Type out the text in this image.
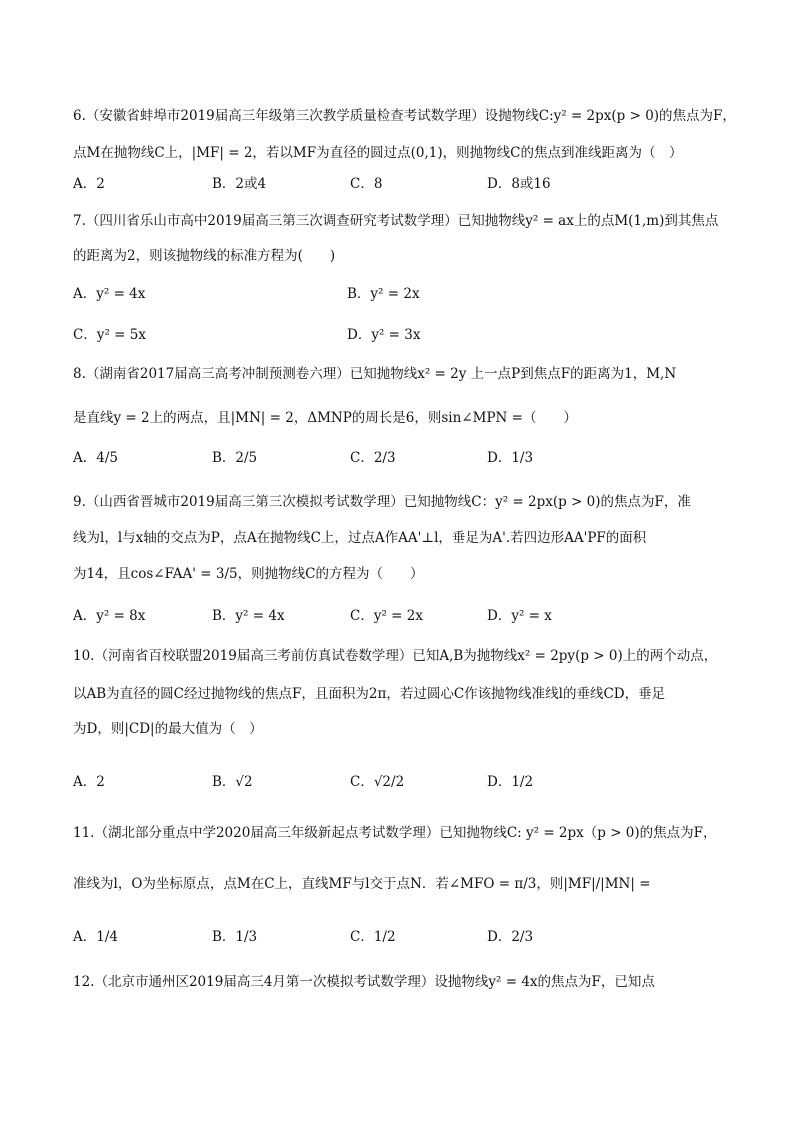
6.（安徽省蚌埠市2019届高三年级第三次教学质量检查考试数学理）设抛物线C:y² = 2px(p > 0)的焦点为F，
点M在抛物线C上，|MF| = 2，若以MF为直径的圆过点(0,1)，则抛物线C的焦点到准线距离为（　）
A．2	B．2或4	C．8	D．8或16
7.（四川省乐山市高中2019届高三第三次调查研究考试数学理）已知抛物线y² = ax上的点M(1,m)到其焦点
的距离为2，则该抛物线的标准方程为(　　)
A．y² = 4x	B．y² = 2x
C．y² = 5x	D．y² = 3x
8.（湖南省2017届高三高考冲制预测卷六理）已知抛物线x² = 2y 上一点P到焦点F的距离为1，M,N
是直线y = 2上的两点，且|MN| = 2，ΔMNP的周长是6，则sin∠MPN =（　　）
A．4/5	B．2/5	C．2/3	D．1/3
9.（山西省晋城市2019届高三第三次模拟考试数学理）已知抛物线C：y² = 2px(p > 0)的焦点为F，准
线为l，l与x轴的交点为P，点A在抛物线C上，过点A作AA'⊥l，垂足为A'.若四边形AA'PF的面积
为14，且cos∠FAA' = 3/5，则抛物线C的方程为（　　）
A．y² = 8x	B．y² = 4x	C．y² = 2x	D．y² = x
10.（河南省百校联盟2019届高三考前仿真试卷数学理）已知A,B为抛物线x² = 2py(p > 0)上的两个动点，
以AB为直径的圆C经过抛物线的焦点F，且面积为2π，若过圆心C作该抛物线准线l的垂线CD，垂足
为D，则|CD|的最大值为（　）
A．2	B．√2	C．√2/2	D．1/2
11.（湖北部分重点中学2020届高三年级新起点考试数学理）已知抛物线C: y² = 2px（p > 0)的焦点为F，
准线为l，O为坐标原点，点M在C上，直线MF与l交于点N．若∠MFO = π/3，则|MF|/|MN| =
A．1/4	B．1/3	C．1/2	D．2/3
12.（北京市通州区2019届高三4月第一次模拟考试数学理）设抛物线y² = 4x的焦点为F，已知点
